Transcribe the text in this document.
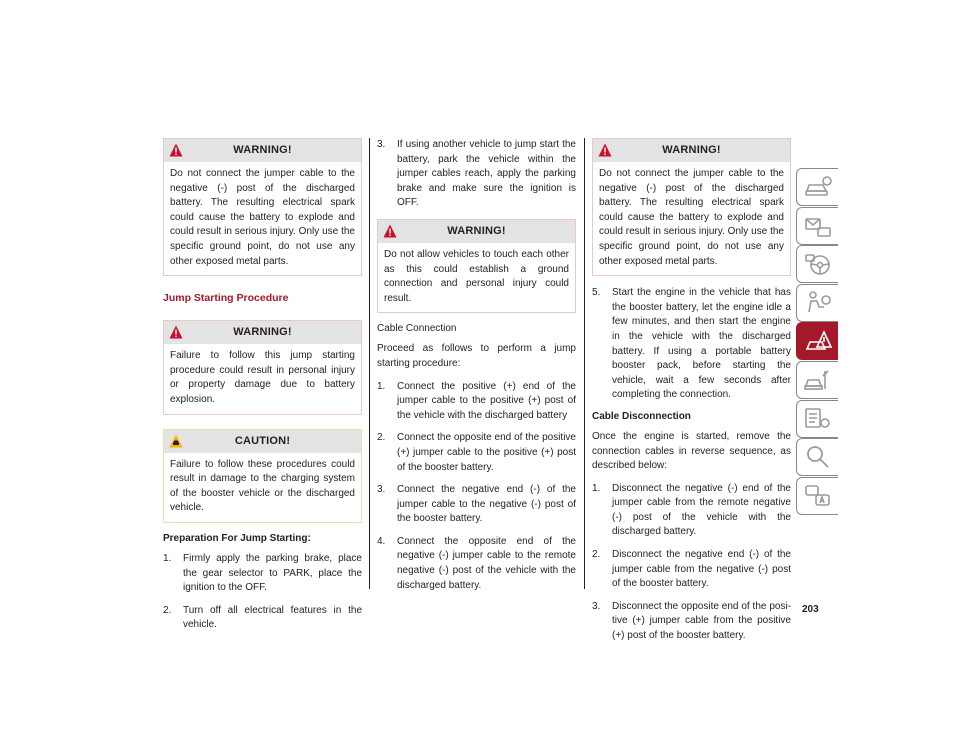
WARNING!
Do not connect the jumper cable to the negative (-) post of the discharged battery. The resulting electrical spark could cause the battery to explode and could result in serious injury. Only use the specific ground point, do not use any other exposed metal parts.
Jump Starting Procedure
WARNING!
Failure to follow this jump starting procedure could result in personal injury or property damage due to battery explosion.
CAUTION!
Failure to follow these procedures could result in damage to the charging system of the booster vehicle or the discharged vehicle.
Preparation For Jump Starting:
1. Firmly apply the parking brake, place the gear selector to PARK, place the ignition to the OFF.
2. Turn off all electrical features in the vehicle.
3. If using another vehicle to jump start the battery, park the vehicle within the jumper cables reach, apply the parking brake and make sure the ignition is OFF.
WARNING!
Do not allow vehicles to touch each other as this could establish a ground connection and personal injury could result.
Cable Connection

Proceed as follows to perform a jump starting procedure:

1. Connect the positive (+) end of the jumper cable to the positive (+) post of the vehicle with the discharged battery
2. Connect the opposite end of the positive (+) jumper cable to the positive (+) post of the booster battery.
3. Connect the negative end (-) of the jumper cable to the negative (-) post of the booster battery.
4. Connect the opposite end of the negative (-) jumper cable to the remote negative (-) post of the vehicle with the discharged battery.
WARNING!
Do not connect the jumper cable to the negative (-) post of the discharged battery. The resulting electrical spark could cause the battery to explode and could result in serious injury. Only use the specific ground point, do not use any other exposed metal parts.
5. Start the engine in the vehicle that has the booster battery, let the engine idle a few minutes, and then start the engine in the vehicle with the discharged battery. If using a portable battery booster pack, before starting the vehicle, wait a few seconds after completing the connection.
Cable Disconnection

Once the engine is started, remove the connection cables in reverse sequence, as described below:

1. Disconnect the negative (-) end of the jumper cable from the remote negative (-) post of the vehicle with the discharged battery.
2. Disconnect the negative end (-) of the jumper cable from the negative (-) post of the booster battery.
3. Disconnect the opposite end of the posi-tive (+) jumper cable from the positive (+) post of the booster battery.
203
